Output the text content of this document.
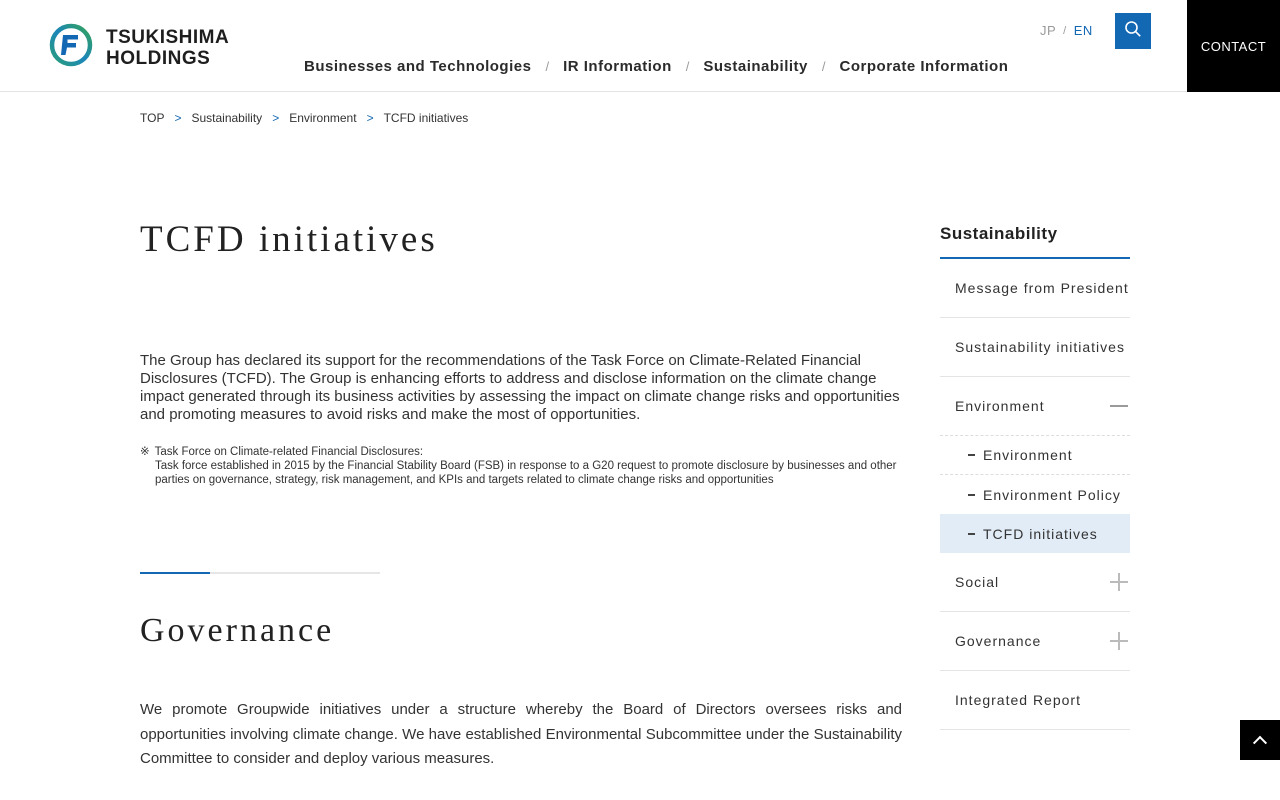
TSUKISHIMA
HOLDINGS	Businesses and Technologies	/ IR Information	/ Sustainability	/ Corporate Information
JP / EN
CONTACT
TOP > Sustainability > Environment > TCFD initiatives
TCFD initiatives

The Group has declared its support for the recommendations of the Task Force on Climate-Related Financial Disclosures (TCFD). The Group is enhancing efforts to address and disclose information on the climate change impact generated through its business activities by assessing the impact on climate change risks and opportunities and promoting measures to avoid risks and make the most of opportunities.

※ Task Force on Climate-related Financial Disclosures:
Task force established in 2015 by the Financial Stability Board (FSB) in response to a G20 request to promote disclosure by businesses and other parties on governance, strategy, risk management, and KPIs and targets related to climate change risks and opportunities
Governance

We promote Groupwide initiatives under a structure whereby the Board of Directors oversees risks and opportunities involving climate change. We have established Environmental Subcommittee under the Sustainability Committee to consider and deploy various measures.

Sustainability
Message from President
Sustainability initiatives
Environment
Environment
Environment Policy
TCFD initiatives
Social
Governance
Integrated Report
